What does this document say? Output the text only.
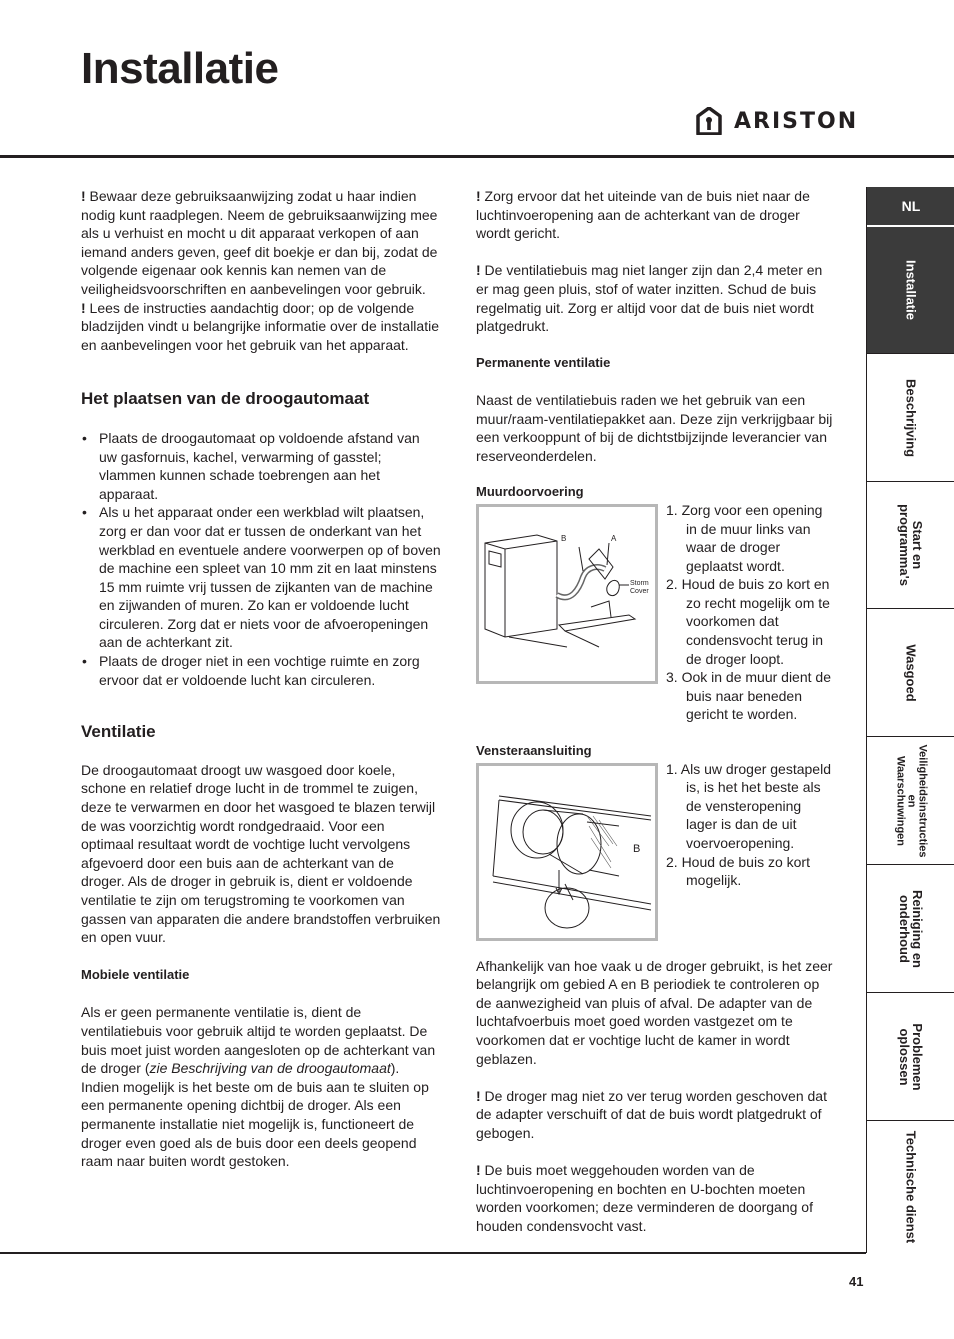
Installatie
ARISTON

! Bewaar deze gebruiksaanwijzing zodat u haar indien nodig kunt raadplegen. Neem de gebruiksaanwijzing mee als u verhuist en mocht u dit apparaat verkopen of aan iemand anders geven, geef dit boekje er dan bij, zodat de volgende eigenaar ook kennis kan nemen van de veiligheidsvoorschriften en aanbevelingen voor gebruik.

! Lees de instructies aandachtig door; op de volgende bladzijden vindt u belangrijke informatie over de installatie en aanbevelingen voor het gebruik van het apparaat.

Het plaatsen van de droogautomaat
• Plaats de droogautomaat op voldoende afstand van uw gasfornuis, kachel, verwarming of gasstel; vlammen kunnen schade toebrengen aan het apparaat.
• Als u het apparaat onder een werkblad wilt plaatsen, zorg er dan voor dat er tussen de onderkant van het werkblad en eventuele andere voorwerpen op of boven de machine een spleet van 10 mm zit en laat minstens 15 mm ruimte vrij tussen de zijkanten van de machine en zijwanden of muren. Zo kan er voldoende lucht circuleren. Zorg dat er niets voor de afvoeropeningen aan de achterkant zit.
• Plaats de droger niet in een vochtige ruimte en zorg ervoor dat er voldoende lucht kan circuleren.
Ventilatie

De droogautomaat droogt uw wasgoed door koele, schone en relatief droge lucht in de trommel te zuigen, deze te verwarmen en door het wasgoed te blazen terwijl de was voorzichtig wordt rondgedraaid. Voor een optimaal resultaat wordt de vochtige lucht vervolgens afgevoerd door een buis aan de achterkant van de droger. Als de droger in gebruik is, dient er voldoende ventilatie te zijn om terugstroming te voorkomen van gassen van apparaten die andere brandstoffen verbruiken en open vuur.

Mobiele ventilatie

Als er geen permanente ventilatie is, dient de ventilatiebuis voor gebruik altijd te worden geplaatst. De buis moet juist worden aangesloten op de achterkant van de droger (zie Beschrijving van de droogautomaat). Indien mogelijk is het beste om de buis aan te sluiten op een permanente opening dichtbij de droger. Als een permanente installatie niet mogelijk is, functioneert de droger even goed als de buis door een deels geopend raam naar buiten wordt gestoken.

! Zorg ervoor dat het uiteinde van de buis niet naar de luchtinvoeropening aan de achterkant van de droger wordt gericht.

! De ventilatiebuis mag niet langer zijn dan 2,4 meter en er mag geen pluis, stof of water inzitten. Schud de buis regelmatig uit. Zorg er altijd voor dat de buis niet wordt platgedrukt.

Permanente ventilatie

Naast de ventilatiebuis raden we het gebruik van een muur/raam-ventilatiepakket aan. Deze zijn verkrijgbaar bij een verkooppunt of bij de dichtstbijzijnde leverancier van reserveonderdelen.

Muurdoorvoering
B	A
Storm
Cover
1. Zorg voor een opening in de muur links van waar de droger geplaatst wordt.
2. Houd de buis zo kort en zo recht mogelijk om te voorkomen dat condensvocht terug in de droger loopt.
3. Ook in de muur dient de buis naar beneden gericht te worden.
Vensteraansluiting
B
1. Als uw droger gestapeld is, is het het beste als de vensteropening lager is dan de uit voervoeropening.
2. Houd de buis zo kort mogelijk.

Afhankelijk van hoe vaak u de droger gebruikt, is het zeer belangrijk om gebied A en B periodiek te controleren op de aanwezigheid van pluis of afval. De adapter van de luchtafvoerbuis moet goed worden vastgezet om te voorkomen dat er vochtige lucht de kamer in wordt geblazen.

! De droger mag niet zo ver terug worden geschoven dat de adapter verschuift of dat de buis wordt platgedrukt of gebogen.

! De buis moet weggehouden worden van de luchtinvoeropening en bochten en U-bochten moeten worden voorkomen; deze verminderen de doorgang of houden condensvocht vast.

NL
Installatie
Beschrijving
Start en
programma's
Wasgoed
Veiligheidsinstructies
en
Waarschuwingen
Reiniging en
onderhoud
Problemen
oplossen
Technische dienst
41
